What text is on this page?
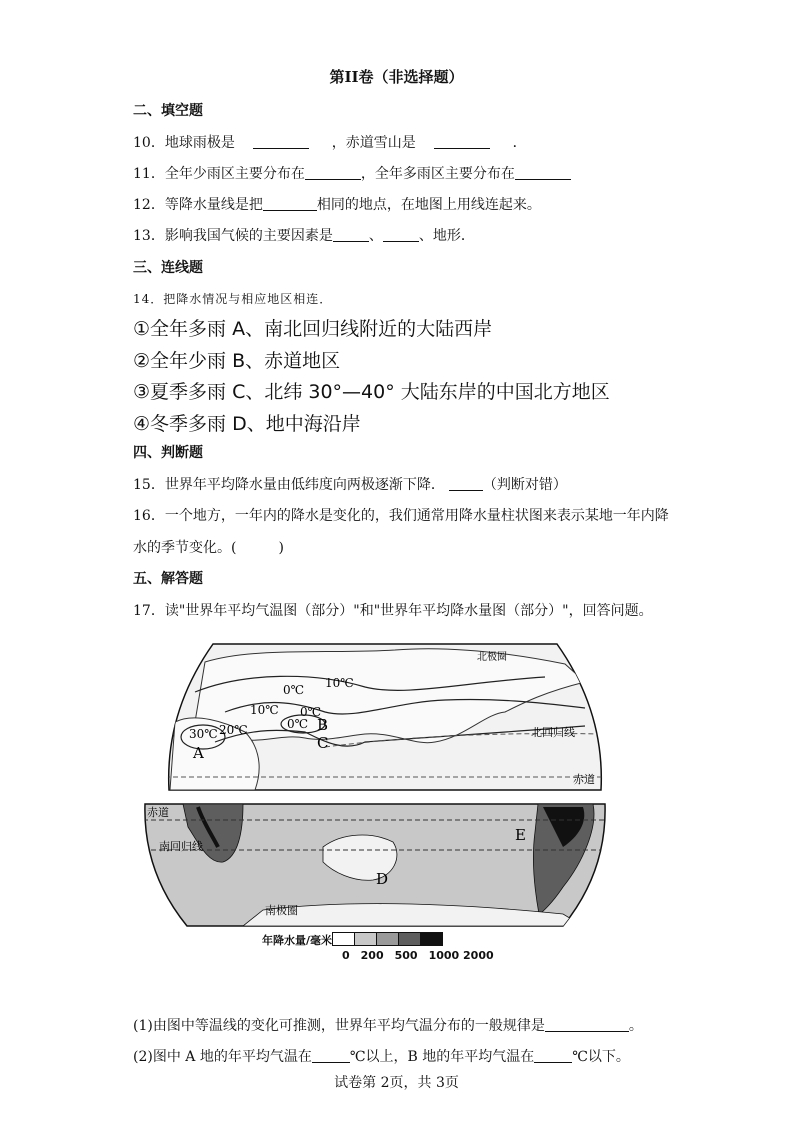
第II卷（非选择题）
二、填空题
10．地球雨极是	，赤道雪山是	．
11．全年少雨区主要分布在	，全年多雨区主要分布在
12．等降水量线是把	相同的地点，在地图上用线连起来。
13．影响我国气候的主要因素是	、	、地形．
三、连线题
14．把降水情况与相应地区相连．
①全年多雨 A、南北回归线附近的大陆西岸
②全年少雨 B、赤道地区
③夏季多雨 C、北纬 30°—40° 大陆东岸的中国北方地区
④冬季多雨 D、地中海沿岸
四、判断题
15．世界年平均降水量由低纬度向两极逐渐下降．	（判断对错）
16．一个地方，一年内的降水是变化的，我们通常用降水量柱状图来表示某地一年内降
水的季节变化。(　　　)
五、解答题
17．读"世界年平均气温图（部分）"和"世界年平均降水量图（部分）"，回答问题。
10℃
0℃
10℃ 0℃
20℃
30℃
0℃
A
B
C
北回归线
赤道
北极圈
赤道
南回归线
南极圈
D
E
年降水量/毫米
0　200　500　1000 2000
(1)由图中等温线的变化可推测，世界年平均气温分布的一般规律是	。
(2)图中 A 地的年平均气温在	℃以上，B 地的年平均气温在	℃以下。
试卷第 2页，共 3页
